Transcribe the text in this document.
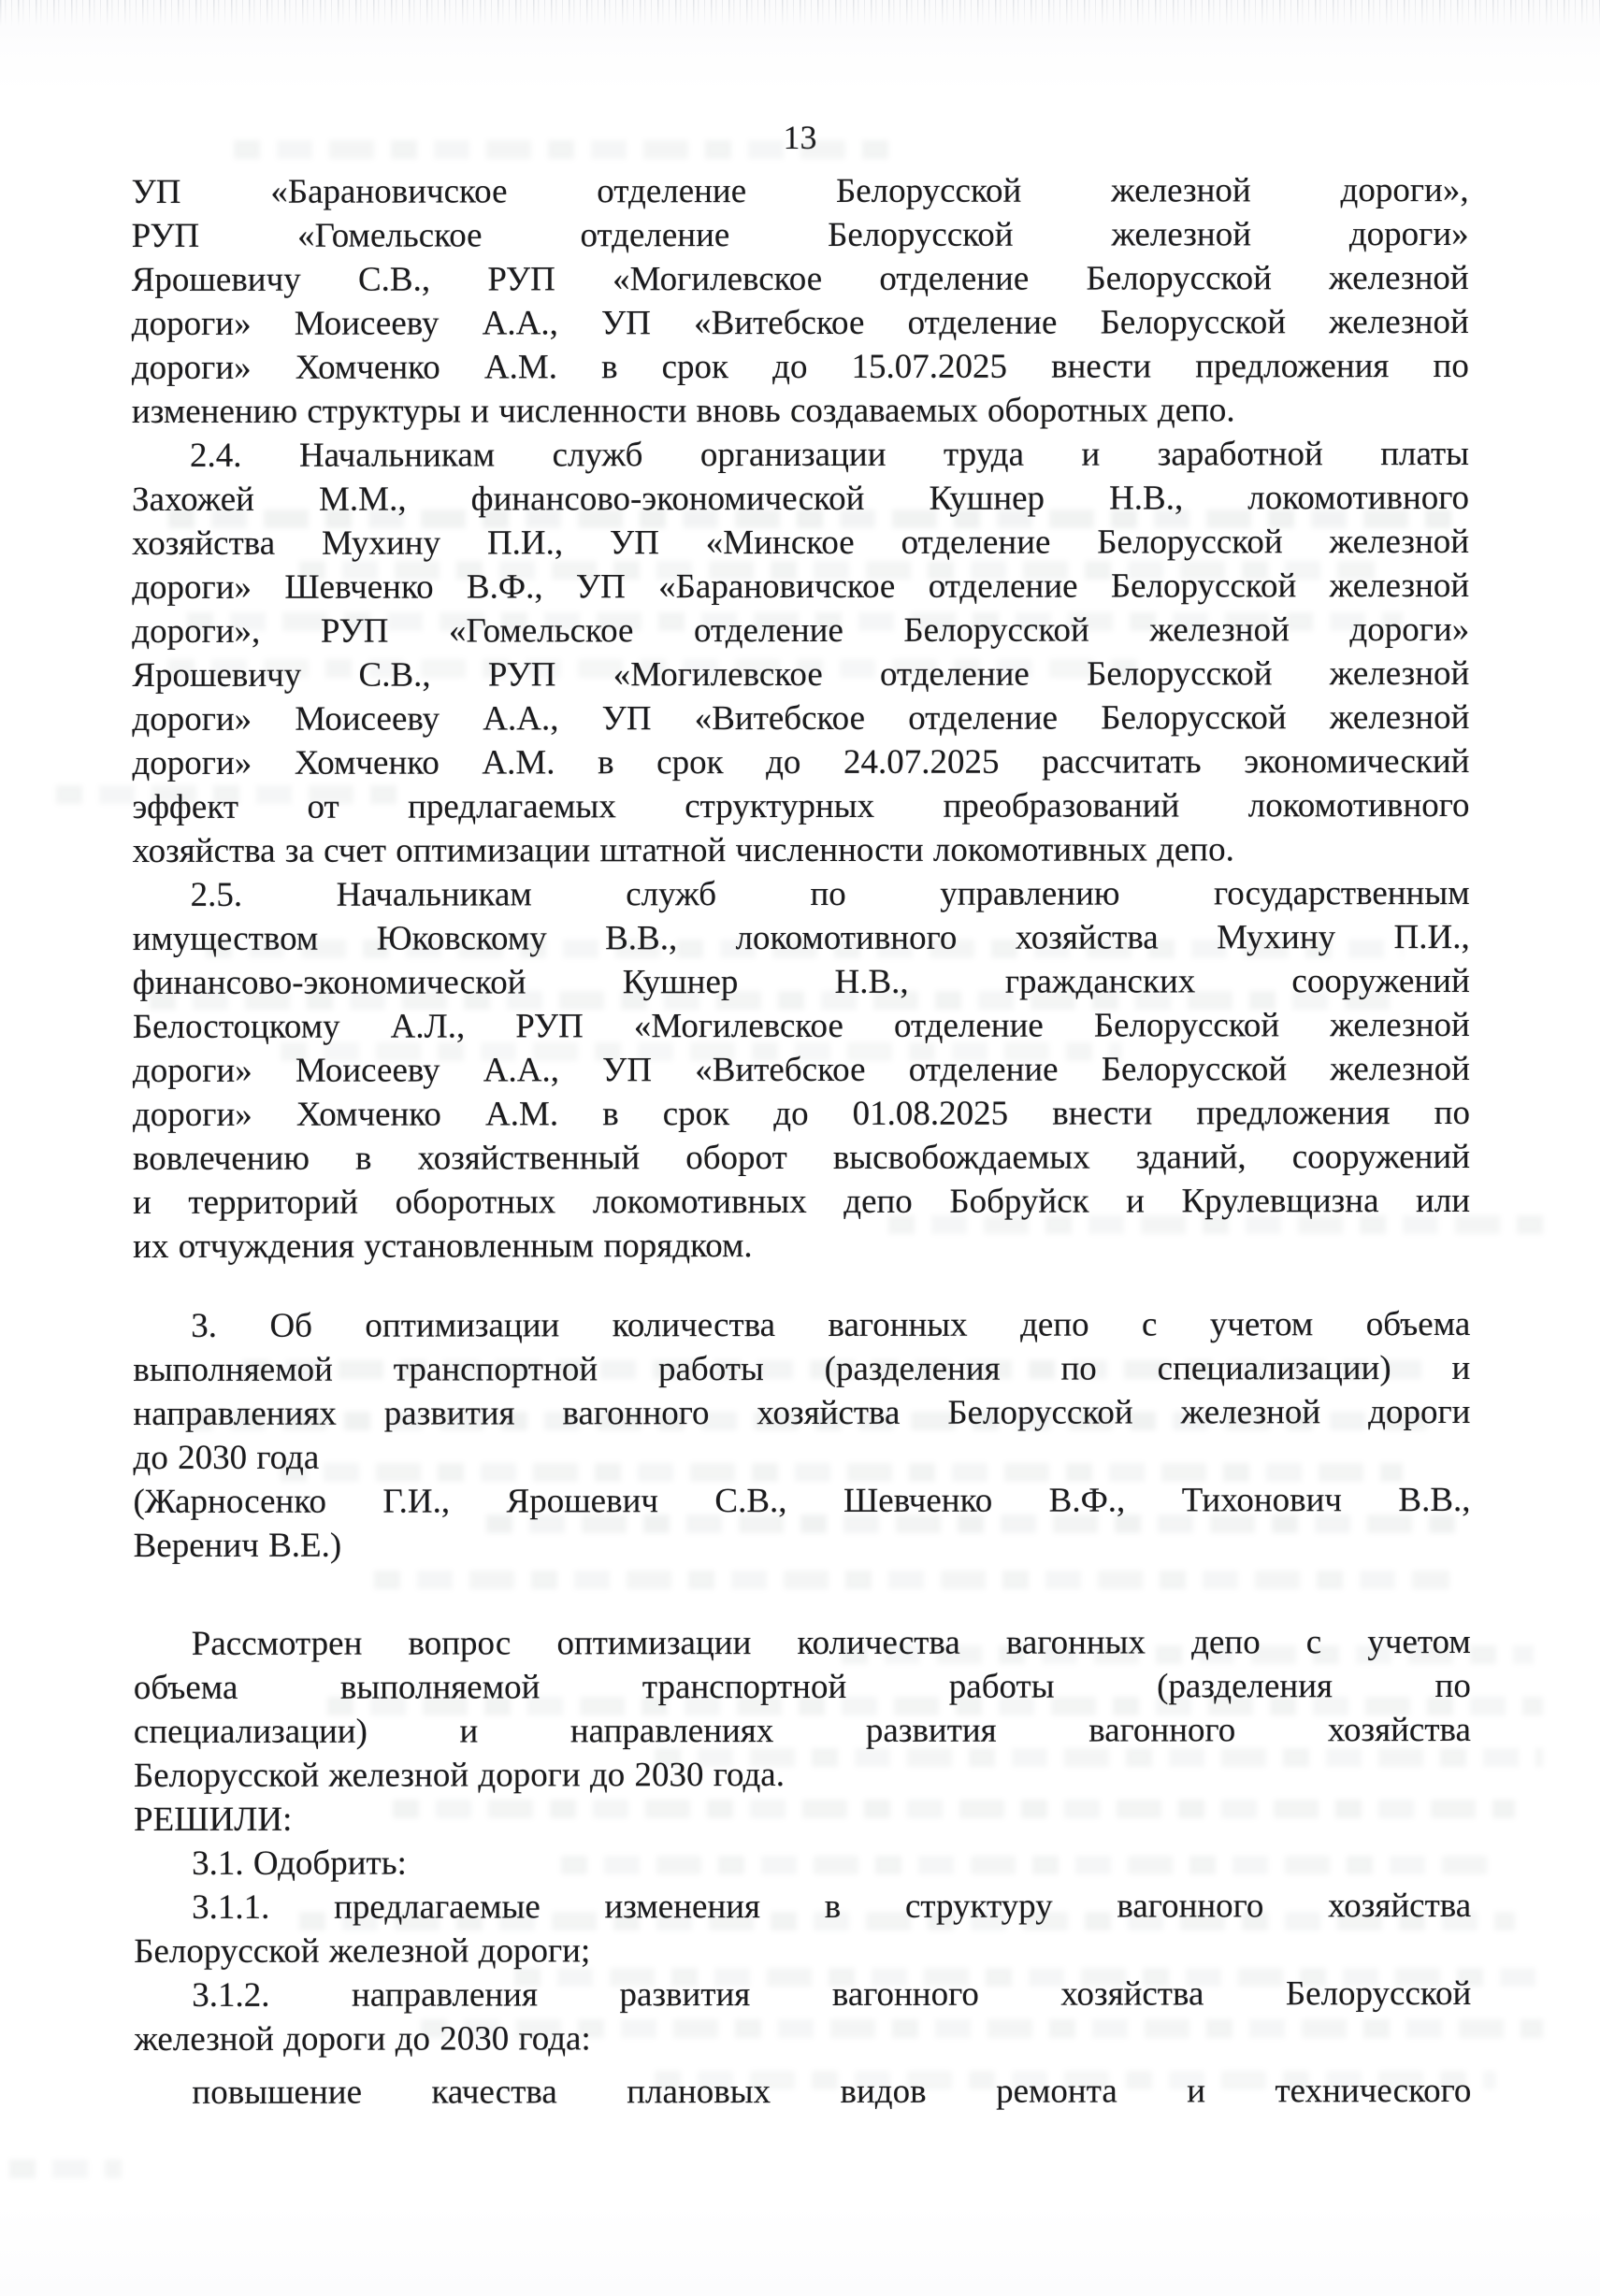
13
УП «Барановичское отделение Белорусской железной дороги»,
РУП «Гомельское отделение Белорусской железной дороги»
Ярошевичу С.В., РУП «Могилевское отделение Белорусской железной
дороги» Моисееву А.А., УП «Витебское отделение Белорусской железной
дороги» Хомченко А.М. в срок до 15.07.2025 внести предложения по
изменению структуры и численности вновь создаваемых оборотных депо.
2.4. Начальникам служб организации труда и заработной платы
Захожей М.М., финансово-экономической Кушнер Н.В., локомотивного
хозяйства Мухину П.И., УП «Минское отделение Белорусской железной
дороги» Шевченко В.Ф., УП «Барановичское отделение Белорусской железной
дороги», РУП «Гомельское отделение Белорусской железной дороги»
Ярошевичу С.В., РУП «Могилевское отделение Белорусской железной
дороги» Моисееву А.А., УП «Витебское отделение Белорусской железной
дороги» Хомченко А.М. в срок до 24.07.2025 рассчитать экономический
эффект от предлагаемых структурных преобразований локомотивного
хозяйства за счет оптимизации штатной численности локомотивных депо.
2.5. Начальникам служб по управлению государственным
имуществом Юковскому В.В., локомотивного хозяйства Мухину П.И.,
финансово-экономической Кушнер Н.В., гражданских сооружений
Белостоцкому А.Л., РУП «Могилевское отделение Белорусской железной
дороги» Моисееву А.А., УП «Витебское отделение Белорусской железной
дороги» Хомченко А.М. в срок до 01.08.2025 внести предложения по
вовлечению в хозяйственный оборот высвобождаемых зданий, сооружений
и территорий оборотных локомотивных депо Бобруйск и Крулевщизна или
их отчуждения установленным порядком.
3. Об оптимизации количества вагонных депо с учетом объема
выполняемой транспортной работы (разделения по специализации) и
направлениях развития вагонного хозяйства Белорусской железной дороги
до 2030 года
(Жарносенко Г.И., Ярошевич С.В., Шевченко В.Ф., Тихонович В.В.,
Веренич В.Е.)
Рассмотрен вопрос оптимизации количества вагонных депо с учетом
объема выполняемой транспортной работы (разделения по
специализации) и направлениях развития вагонного хозяйства
Белорусской железной дороги до 2030 года.
РЕШИЛИ:
3.1. Одобрить:
3.1.1. предлагаемые изменения в структуру вагонного хозяйства
Белорусской железной дороги;
3.1.2. направления развития вагонного хозяйства Белорусской
железной дороги до 2030 года:
повышение качества плановых видов ремонта и технического
